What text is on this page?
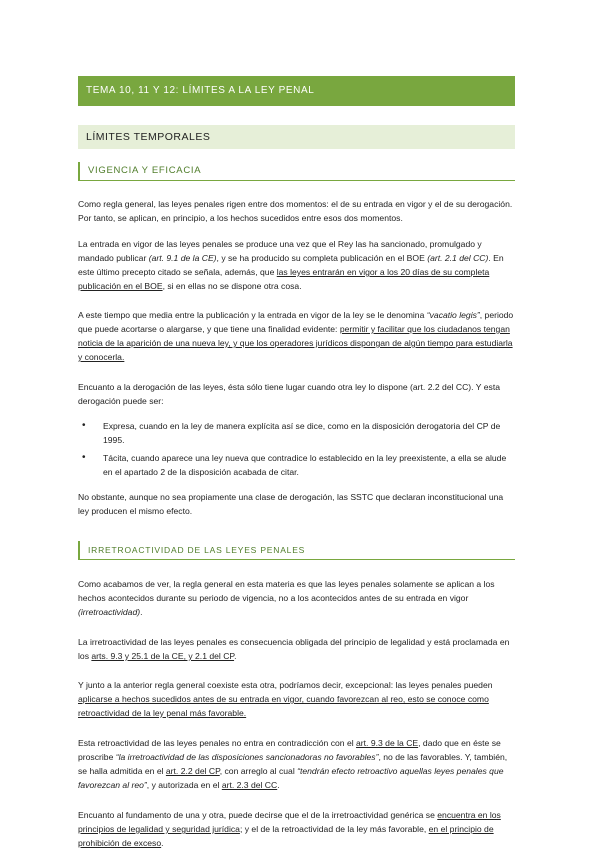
TEMA 10, 11 Y 12: LÍMITES A LA LEY PENAL
LÍMITES TEMPORALES
VIGENCIA Y EFICACIA

Como regla general, las leyes penales rigen entre dos momentos: el de su entrada en vigor y el de su derogación. Por tanto, se aplican, en principio, a los hechos sucedidos entre esos dos momentos.

La entrada en vigor de las leyes penales se produce una vez que el Rey las ha sancionado, promulgado y mandado publicar (art. 9.1 de la CE), y se ha producido su completa publicación en el BOE (art. 2.1 del CC). En este último precepto citado se señala, además, que las leyes entrarán en vigor a los 20 días de su completa publicación en el BOE, si en ellas no se dispone otra cosa.

A este tiempo que media entre la publicación y la entrada en vigor de la ley se le denomina “vacatio legis”, periodo que puede acortarse o alargarse, y que tiene una finalidad evidente: permitir y facilitar que los ciudadanos tengan noticia de la aparición de una nueva ley, y que los operadores jurídicos dispongan de algún tiempo para estudiarla y conocerla.

Encuanto a la derogación de las leyes, ésta sólo tiene lugar cuando otra ley lo dispone (art. 2.2 del CC). Y esta derogación puede ser:

• Expresa, cuando en la ley de manera explícita así se dice, como en la disposición derogatoria del CP de 1995.
• Tácita, cuando aparece una ley nueva que contradice lo establecido en la ley preexistente, a ella se alude en el apartado 2 de la disposición acabada de citar.

No obstante, aunque no sea propiamente una clase de derogación, las SSTC que declaran inconstitucional una ley producen el mismo efecto.

IRRETROACTIVIDAD DE LAS LEYES PENALES

Como acabamos de ver, la regla general en esta materia es que las leyes penales solamente se aplican a los hechos acontecidos durante su periodo de vigencia, no a los acontecidos antes de su entrada en vigor (irretroactividad).

La irretroactividad de las leyes penales es consecuencia obligada del principio de legalidad y está proclamada en los arts. 9.3 y 25.1 de la CE, y 2.1 del CP.

Y junto a la anterior regla general coexiste esta otra, podríamos decir, excepcional: las leyes penales pueden aplicarse a hechos sucedidos antes de su entrada en vigor, cuando favorezcan al reo, esto se conoce como retroactividad de la ley penal más favorable.

Esta retroactividad de las leyes penales no entra en contradicción con el art. 9.3 de la CE, dado que en éste se proscribe “la irretroactividad de las disposiciones sancionadoras no favorables”, no de las favorables. Y, también, se halla admitida en el art. 2.2 del CP, con arreglo al cual “tendrán efecto retroactivo aquellas leyes penales que favorezcan al reo”, y autorizada en el art. 2.3 del CC.

Encuanto al fundamento de una y otra, puede decirse que el de la irretroactividad genérica se encuentra en los principios de legalidad y seguridad jurídica; y el de la retroactividad de la ley más favorable, en el principio de prohibición de exceso.
